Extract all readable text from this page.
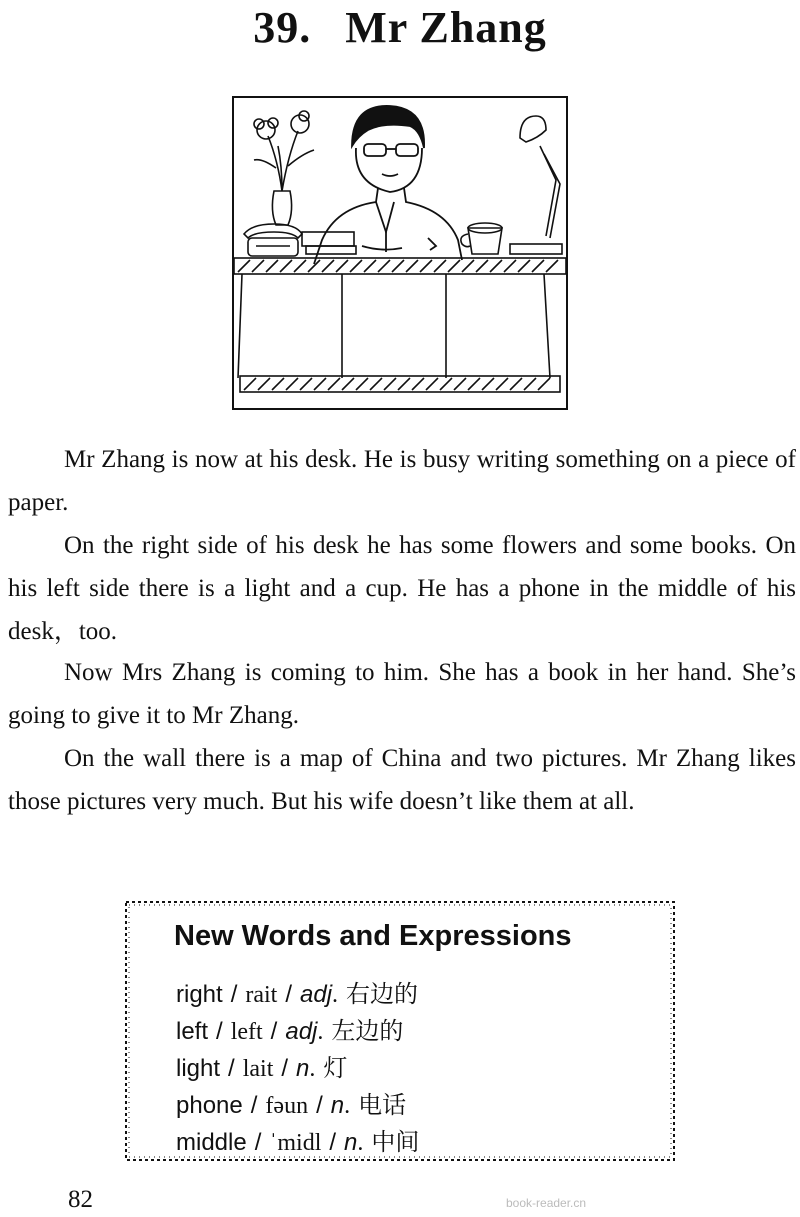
39. Mr Zhang

Mr Zhang is now at his desk. He is busy writing something on a piece of paper.

On the right side of his desk he has some flowers and some books. On his left side there is a light and a cup. He has a phone in the middle of his desk，too.

Now Mrs Zhang is coming to him. She has a book in her hand. She’s going to give it to Mr Zhang.

On the wall there is a map of China and two pictures. Mr Zhang likes those pictures very much. But his wife doesn’t like them at all.

New Words and Expressions
right / rait / adj. 右边的
left / left / adj. 左边的
light / lait / n. 灯
phone / fəun / n. 电话
middle / ˈmidl / n. 中间

82	book-reader.cn
